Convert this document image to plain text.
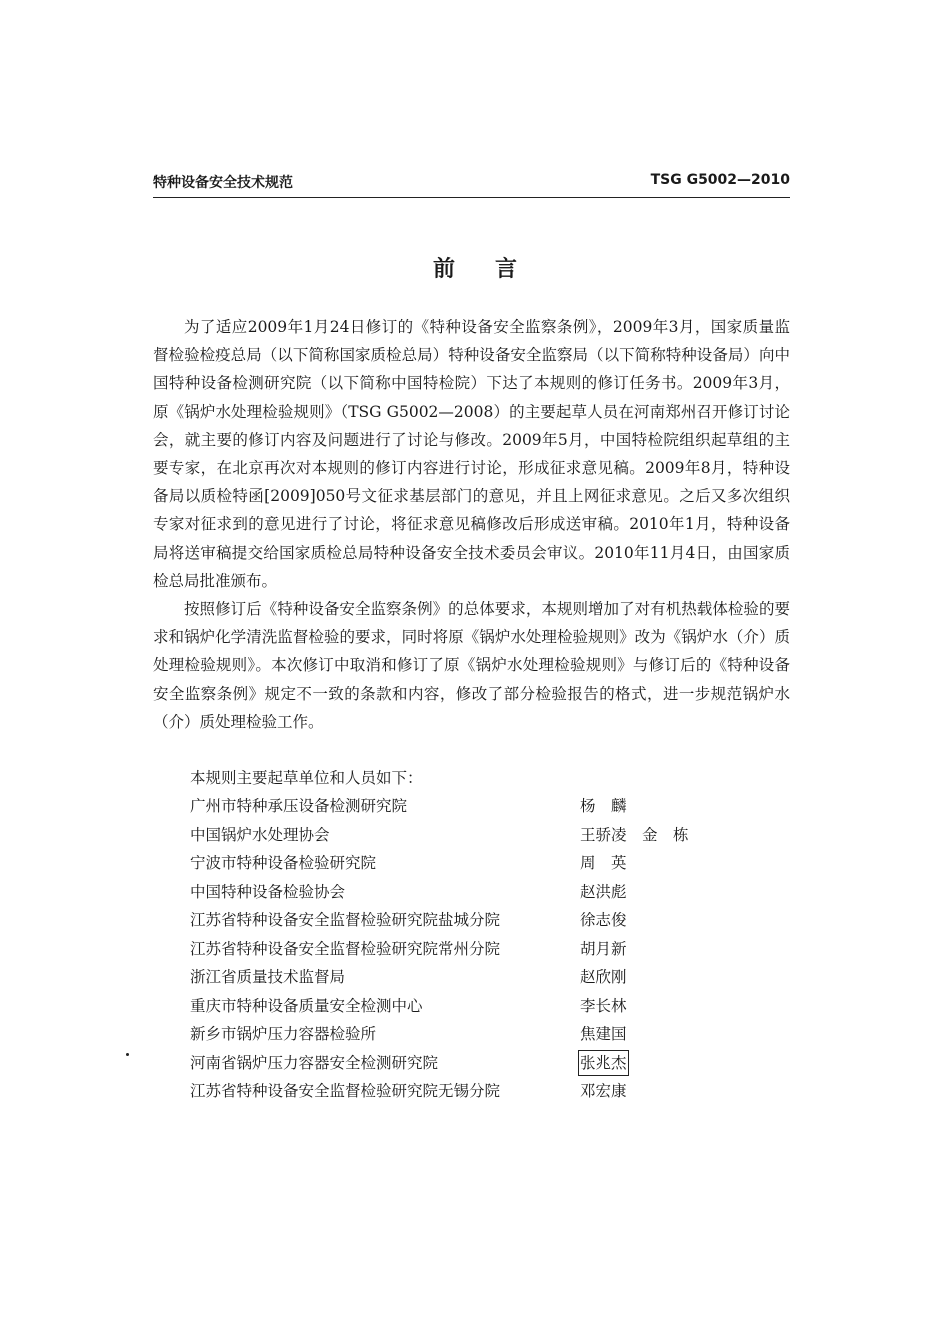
特种设备安全技术规范	TSG G5002—2010
前言

为了适应2009年1月24日修订的《特种设备安全监察条例》，2009年3月，国家质量监督检验检疫总局（以下简称国家质检总局）特种设备安全监察局（以下简称特种设备局）向中国特种设备检测研究院（以下简称中国特检院）下达了本规则的修订任务书。2009年3月，原《锅炉水处理检验规则》（TSG G5002—2008）的主要起草人员在河南郑州召开修订讨论会，就主要的修订内容及问题进行了讨论与修改。2009年5月，中国特检院组织起草组的主要专家，在北京再次对本规则的修订内容进行讨论，形成征求意见稿。2009年8月，特种设备局以质检特函[2009]050号文征求基层部门的意见，并且上网征求意见。之后又多次组织专家对征求到的意见进行了讨论，将征求意见稿修改后形成送审稿。2010年1月，特种设备局将送审稿提交给国家质检总局特种设备安全技术委员会审议。2010年11月4日，由国家质检总局批准颁布。

按照修订后《特种设备安全监察条例》的总体要求，本规则增加了对有机热载体检验的要求和锅炉化学清洗监督检验的要求，同时将原《锅炉水处理检验规则》改为《锅炉水（介）质处理检验规则》。本次修订中取消和修订了原《锅炉水处理检验规则》与修订后的《特种设备安全监察条例》规定不一致的条款和内容，修改了部分检验报告的格式，进一步规范锅炉水（介）质处理检验工作。

本规则主要起草单位和人员如下：
广州市特种承压设备检测研究院	杨　麟
中国锅炉水处理协会	王骄凌　金　栋
宁波市特种设备检验研究院	周　英
中国特种设备检验协会	赵洪彪
江苏省特种设备安全监督检验研究院盐城分院	徐志俊
江苏省特种设备安全监督检验研究院常州分院	胡月新
浙江省质量技术监督局	赵欣刚
重庆市特种设备质量安全检测中心	李长林
新乡市锅炉压力容器检验所	焦建国
河南省锅炉压力容器安全检测研究院	张兆杰
江苏省特种设备安全监督检验研究院无锡分院	邓宏康
